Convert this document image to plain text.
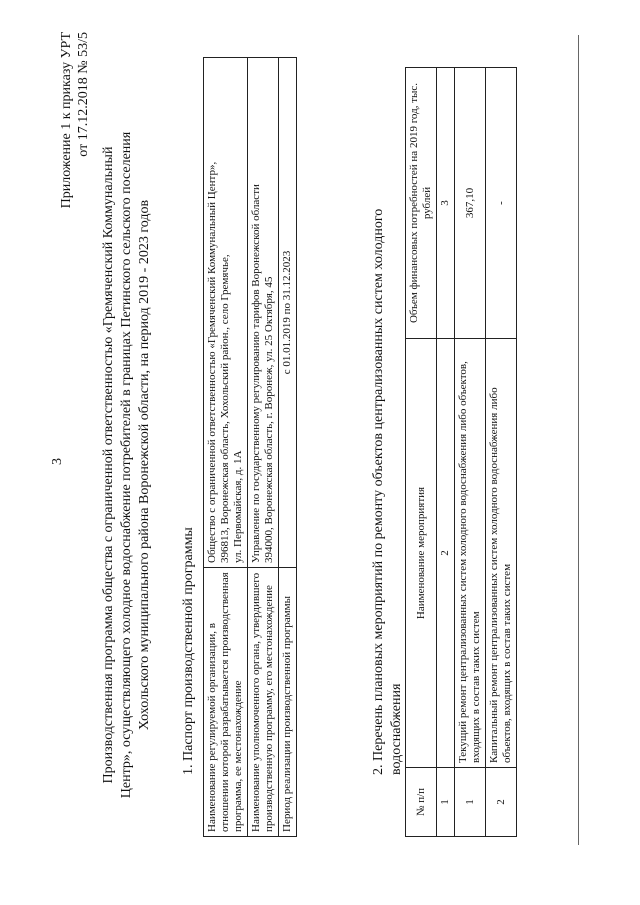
3
Приложение 1 к приказу УРТ от 17.12.2018 № 53/5
Производственная программа общества с ограниченной ответственностью «Гремяченский Коммунальный Центр», осуществляющего холодное водоснабжение потребителей в границах Петинского сельского поселения Хохольского муниципального района Воронежской области, на период 2019 - 2023 годов 1. Паспорт производственной программы Наименование регулируемой организации, в отношении которой разрабатывается производственная программа, ее местонахождение	Общество с ограниченной ответственностью «Гремяченский Коммунальный Центр», 396813, Воронежская область, Хохольский район., село Гремячье, ул. Первомайская, д. 1А

Наименование уполномоченного органа, утвердившего производственную программу, его местонахождение	Управление по государственному регулированию тарифов Воронежской области 394000, Воронежская область, г. Воронеж, ул. 25 Октября, 45

Период реализации производственной программы	с 01.01.2019 по 31.12.2023	2. Перечень плановых мероприятий по ремонту объектов централизованных систем холодного водоснабжения
№ п/п	Наименование мероприятия	Объем финансовых потребностей на 2019 год, тыс. рублей
1	2	3
1	Текущий ремонт централизованных систем холодного водоснабжения либо объектов, входящих в состав таких систем	367,10
2	Капитальный ремонт централизованных систем холодного водоснабжения либо объектов, входящих в состав таких систем	-
